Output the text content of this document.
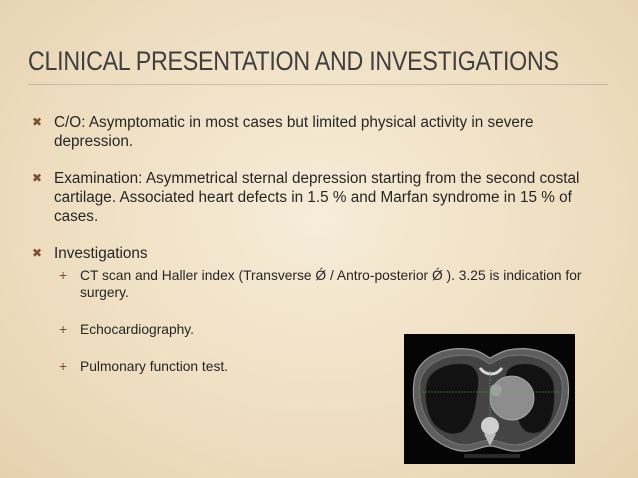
CLINICAL PRESENTATION AND INVESTIGATIONS
✖ C/O: Asymptomatic in most cases but limited physical activity in severe depression.
✖ Examination: Asymmetrical sternal depression starting from the second costal cartilage. Associated heart defects in 1.5 % and Marfan syndrome in 15 % of cases.
✖ Investigations
+ CT scan and Haller index (Transverse Ǿ / Antro-posterior Ǿ ). 3.25 is indication for surgery.
+ Echocardiography.
+ Pulmonary function test.
